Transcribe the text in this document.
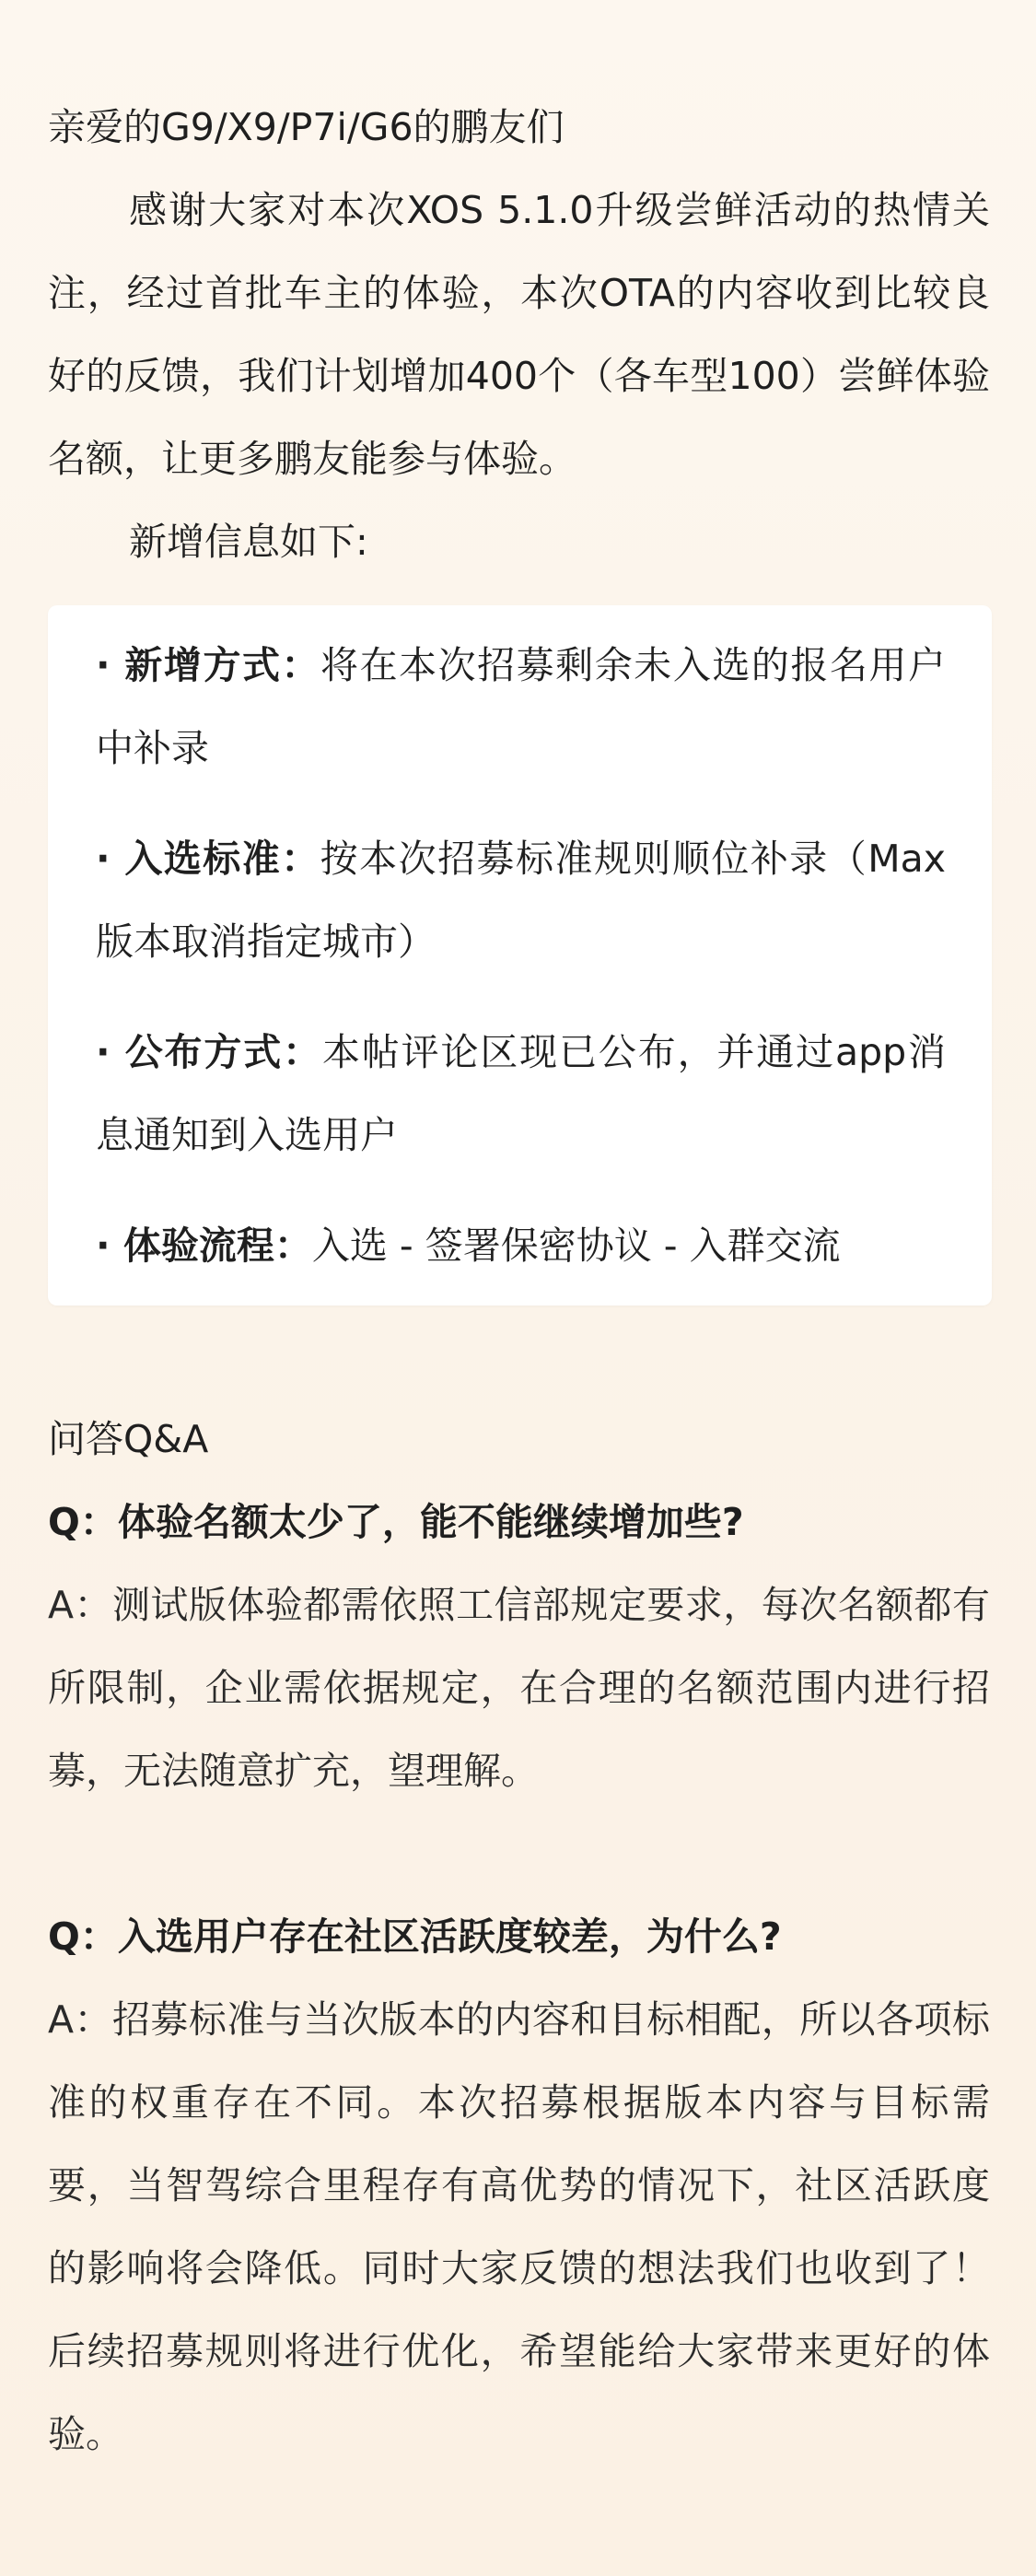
亲爱的G9/X9/P7i/G6的鹏友们

感谢大家对本次XOS 5.1.0升级尝鲜活动的热情关注，经过首批车主的体验，本次OTA的内容收到比较良好的反馈，我们计划增加400个（各车型100）尝鲜体验名额，让更多鹏友能参与体验。

新增信息如下:

· 新增方式：将在本次招募剩余未入选的报名用户中补录
· 入选标准：按本次招募标准规则顺位补录（Max版本取消指定城市）
· 公布方式：本帖评论区现已公布，并通过app消息通知到入选用户
· 体验流程：入选 - 签署保密协议 - 入群交流

问答Q&A

Q：体验名额太少了，能不能继续增加些?

A：测试版体验都需依照工信部规定要求，每次名额都有所限制，企业需依据规定，在合理的名额范围内进行招募，无法随意扩充，望理解。

Q：入选用户存在社区活跃度较差，为什么?

A：招募标准与当次版本的内容和目标相配，所以各项标准的权重存在不同。本次招募根据版本内容与目标需要，当智驾综合里程存有高优势的情况下，社区活跃度的影响将会降低。同时大家反馈的想法我们也收到了！后续招募规则将进行优化，希望能给大家带来更好的体验。
